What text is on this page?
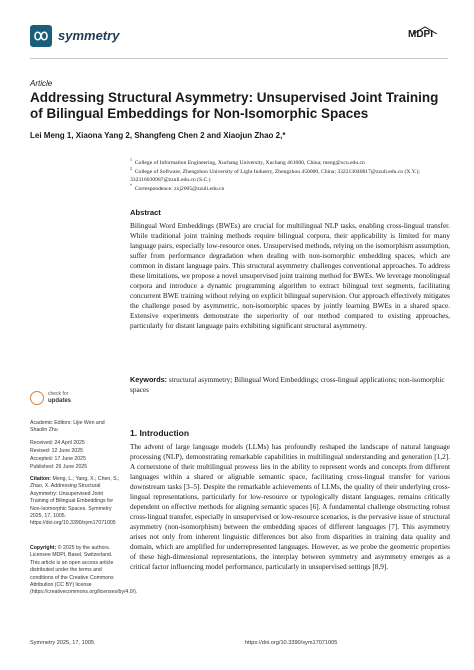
symmetry	MDPI
Article
Addressing Structural Asymmetry: Unsupervised Joint Training of Bilingual Embeddings for Non-Isomorphic Spaces
Lei Meng 1, Xiaona Yang 2, Shangfeng Chen 2 and Xiaojun Zhao 2,*
$^1$  College of Information Engineering, Xuchang University, Xuchang 461000, China; meng@xcu.edu.cn
$^2$  College of Software, Zhengzhou University of Light Industry, Zhengzhou 450000, China; 332213040817@zzuli.edu.cn (X.Y.); 332316030987@zzuli.edu.cn (S.C.)
*  Correspondence: zxj2005@zzuli.edu.cn
Abstract
Bilingual Word Embeddings (BWEs) are crucial for multilingual NLP tasks, enabling cross-lingual transfer. While traditional joint training methods require bilingual corpora, their applicability is limited for many language pairs, especially low-resource ones. Unsupervised methods, relying on the isomorphism assumption, suffer from performance degradation when dealing with non-isomorphic embedding spaces, which are common in distant language pairs. This structural asymmetry challenges conventional approaches. To address these limitations, we propose a novel unsupervised joint training method for BWEs. We leverage monolingual corpora and introduce a dynamic programming algorithm to extract bilingual text segments, facilitating concurrent BWE training without relying on explicit bilingual supervision. Our approach effectively mitigates the challenge posed by asymmetric, non-isomorphic spaces by jointly learning BWEs in a shared space. Extensive experiments demonstrate the superiority of our method compared to existing approaches, particularly for distant language pairs exhibiting significant structural asymmetry.
Keywords: structural asymmetry; Bilingual Word Embeddings; cross-lingual applications; non-isomorphic spaces
check for
updates
Academic Editors: Lijie Wen and Shaolin Zhu
Received: 24 April 2025
Revised: 12 June 2025
Accepted: 17 June 2025
Published: 26 June 2025
Citation: Meng, L.; Yang, X.; Chen, S.; Zhao, X. Addressing Structural Asymmetry: Unsupervised Joint Training of Bilingual Embeddings for Non-Isomorphic Spaces. Symmetry 2025, 17, 1005. https://doi.org/10.3390/sym17071005
Copyright: © 2025 by the authors. Licensee MDPI, Basel, Switzerland. This article is an open access article distributed under the terms and conditions of the Creative Commons Attribution (CC BY) license (https://creativecommons.org/licenses/by/4.0/).
1. Introduction
The advent of large language models (LLMs) has profoundly reshaped the landscape of natural language processing (NLP), demonstrating remarkable capabilities in multilingual understanding and generation [1,2]. A cornerstone of their multilingual prowess lies in the ability to represent words and concepts from different languages within a shared or alignable semantic space, facilitating cross-lingual transfer for various downstream tasks [3–5]. Despite the remarkable achievements of LLMs, the quality of their underlying cross-lingual representations, particularly for low-resource or typologically distant languages, remains critically dependent on effective methods for aligning semantic spaces [6]. A fundamental challenge obstructing robust cross-lingual transfer, especially in unsupervised or low-resource scenarios, is the pervasive issue of structural asymmetry (non-isomorphism) between the embedding spaces of different languages [7]. This asymmetry arises not only from inherent linguistic differences but also from disparities in training data quality and domain, which are amplified for underrepresented languages. However, as we probe the geometric properties of these high-dimensional representations, the interplay between symmetry and asymmetry emerges as a critical factor influencing model performance, particularly in unsupervised settings [8,9].
Symmetry 2025, 17, 1005	https://doi.org/10.3390/sym17071005
